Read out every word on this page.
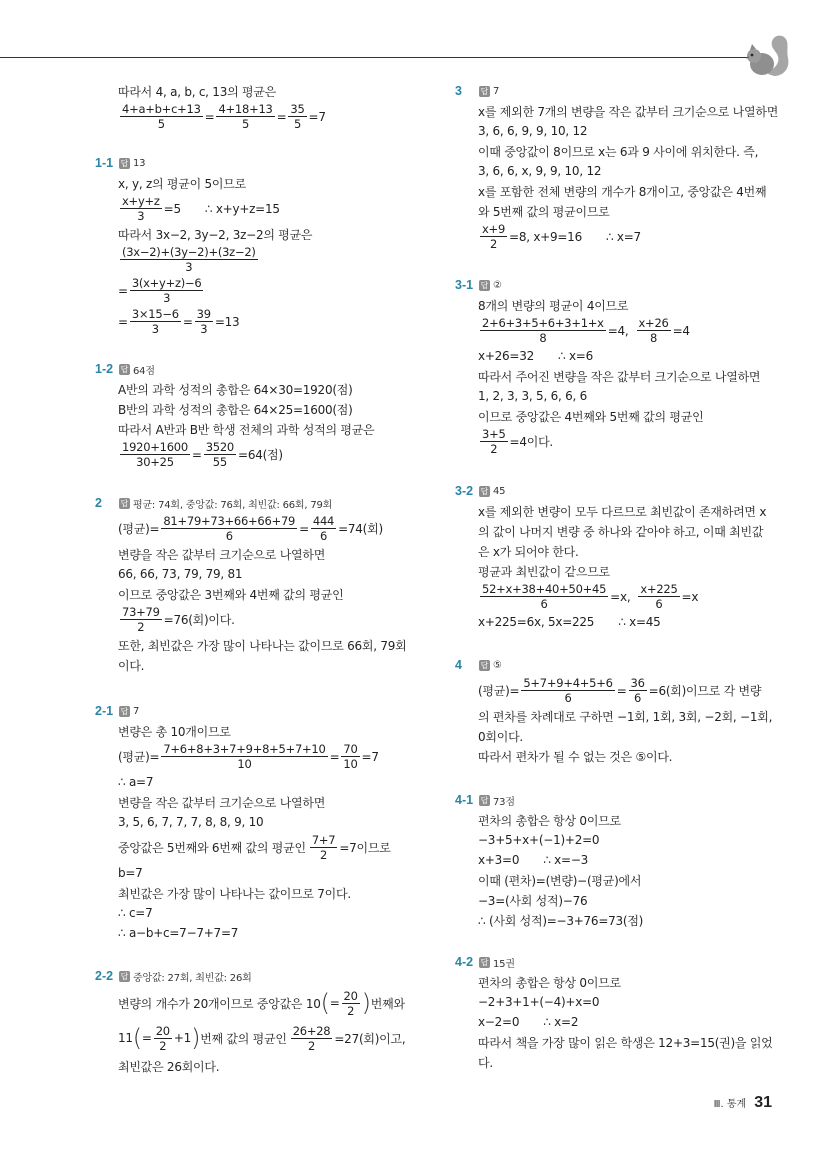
따라서 4, a, b, c, 13의 평균은
$\frac{4+a+b+c+13}{5} = \frac{4+18+13}{5} = \frac{35}{5} =7$
1-1 답 13
x, y, z의 평균이 5이므로
$\frac{x+y+z}{3} =5$ ∴ x+y+z=15
따라서 3x−2, 3y−2, 3z−2의 평균은
$\frac{(3x-2)+(3y-2)+(3z-2)}{3}$
= $\frac{3(x+y+z)-6}{3}$
= $\frac{3\times 15-6}{3} = \frac{39}{3} =13$
1-2 답 64점
A반의 과학 성적의 총합은 64×30=1920(점)
B반의 과학 성적의 총합은 64×25=1600(점)
따라서 A반과 B반 학생 전체의 과학 성적의 평균은
$\frac{1920+1600}{30+25} = \frac{3520}{55} =64$(점)
2	답 평균: 74회, 중앙값: 76회, 최빈값: 66회, 79회
(평균)= $\frac{81+79+73+66+66+79}{6} = \frac{444}{6} =74$(회)
변량을 작은 값부터 크기순으로 나열하면
66, 66, 73, 79, 79, 81
이므로 중앙값은 3번째와 4번째 값의 평균인
$\frac{73+79}{2} =76$(회)이다.
또한, 최빈값은 가장 많이 나타나는 값이므로 66회, 79회
이다.
2-1 답 7
변량은 총 10개이므로
(평균)= $\frac{7+6+8+3+7+9+8+5+7+10}{10} = \frac{70}{10} =7$
∴ a=7
변량을 작은 값부터 크기순으로 나열하면
3, 5, 6, 7, 7, 7, 8, 8, 9, 10
중앙값은 5번째와 6번째 값의 평균인 $\frac{7+7}{2} =7$이므로
b=7
최빈값은 가장 많이 나타나는 값이므로 7이다.
∴ c=7
∴ a−b+c=7−7+7=7
2-2 답 중앙값: 27회, 최빈값: 26회
변량의 개수가 20개이므로 중앙값은 10 ( = $\frac{20}{2}$ ) 번째와
11 ( = $\frac{20}{2} +1$ ) 번째 값의 평균인 $\frac{26+28}{2} =27$(회)이고,
최빈값은 26회이다.
3	답 7
x를 제외한 7개의 변량을 작은 값부터 크기순으로 나열하면
3, 6, 6, 9, 9, 10, 12
이때 중앙값이 8이므로 x는 6과 9 사이에 위치한다. 즉,
3, 6, 6, x, 9, 9, 10, 12
x를 포함한 전체 변량의 개수가 8개이고, 중앙값은 4번째
와 5번째 값의 평균이므로
$\frac{x+9}{2} =8$, x+9=16 ∴ x=7
3-1 답 ②
8개의 변량의 평균이 4이므로
$\frac{2+6+3+5+6+3+1+x}{8} =4$, $\frac{x+26}{8} =4$
x+26=32 ∴ x=6
따라서 주어진 변량을 작은 값부터 크기순으로 나열하면
1, 2, 3, 3, 5, 6, 6, 6
이므로 중앙값은 4번째와 5번째 값의 평균인
$\frac{3+5}{2} =4$이다.
3-2 답 45
x를 제외한 변량이 모두 다르므로 최빈값이 존재하려면 x
의 값이 나머지 변량 중 하나와 같아야 하고, 이때 최빈값
은 x가 되어야 한다.
평균과 최빈값이 같으므로
$\frac{52+x+38+40+50+45}{6} =x$, $\frac{x+225}{6} =x$
x+225=6x, 5x=225 ∴ x=45
4	답 ⑤
(평균)= $\frac{5+7+9+4+5+6}{6} = \frac{36}{6} =6$(회)이므로 각 변량
의 편차를 차례대로 구하면 −1회, 1회, 3회, −2회, −1회,
0회이다.
따라서 편차가 될 수 없는 것은 ⑤이다.
4-1 답 73점
편차의 총합은 항상 0이므로
−3+5+x+(−1)+2=0
x+3=0 ∴ x=−3
이때 (편차)=(변량)−(평균)에서
−3=(사회 성적)−76
∴ (사회 성적)=−3+76=73(점)
4-2 답 15권
편차의 총합은 항상 0이므로
−2+3+1+(−4)+x=0
x−2=0 ∴ x=2
따라서 책을 가장 많이 읽은 학생은 12+3=15(권)을 읽었
다.
Ⅲ. 통계 31
